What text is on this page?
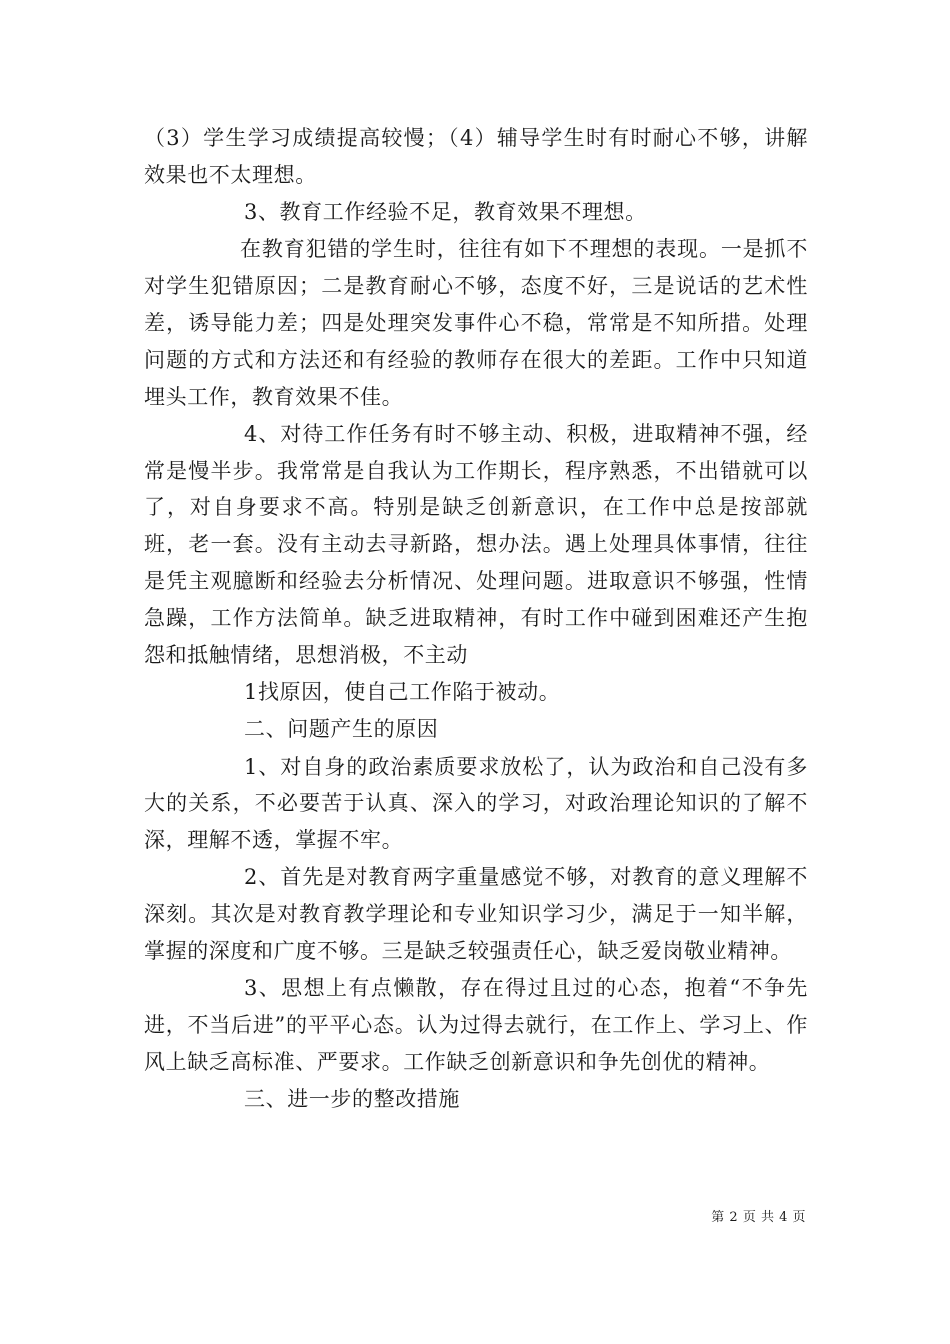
（3）学生学习成绩提高较慢；（4）辅导学生时有时耐心不够，讲解效果也不太理想。

3、教育工作经验不足，教育效果不理想。

在教育犯错的学生时，往往有如下不理想的表现。一是抓不对学生犯错原因；二是教育耐心不够，态度不好，三是说话的艺术性差，诱导能力差；四是处理突发事件心不稳，常常是不知所措。处理问题的方式和方法还和有经验的教师存在很大的差距。工作中只知道埋头工作，教育效果不佳。

4、对待工作任务有时不够主动、积极，进取精神不强，经常是慢半步。我常常是自我认为工作期长，程序熟悉，不出错就可以了，对自身要求不高。特别是缺乏创新意识，在工作中总是按部就班，老一套。没有主动去寻新路，想办法。遇上处理具体事情，往往是凭主观臆断和经验去分析情况、处理问题。进取意识不够强，性情急躁，工作方法简单。缺乏进取精神，有时工作中碰到困难还产生抱怨和抵触情绪，思想消极，不主动

1找原因，使自己工作陷于被动。

二、问题产生的原因

1、对自身的政治素质要求放松了，认为政治和自己没有多大的关系，不必要苦于认真、深入的学习，对政治理论知识的了解不深，理解不透，掌握不牢。

2、首先是对教育两字重量感觉不够，对教育的意义理解不深刻。其次是对教育教学理论和专业知识学习少，满足于一知半解，掌握的深度和广度不够。三是缺乏较强责任心，缺乏爱岗敬业精神。

3、思想上有点懒散，存在得过且过的心态，抱着“不争先进，不当后进”的平平心态。认为过得去就行，在工作上、学习上、作风上缺乏高标准、严要求。工作缺乏创新意识和争先创优的精神。

三、进一步的整改措施

第 2 页 共 4 页
